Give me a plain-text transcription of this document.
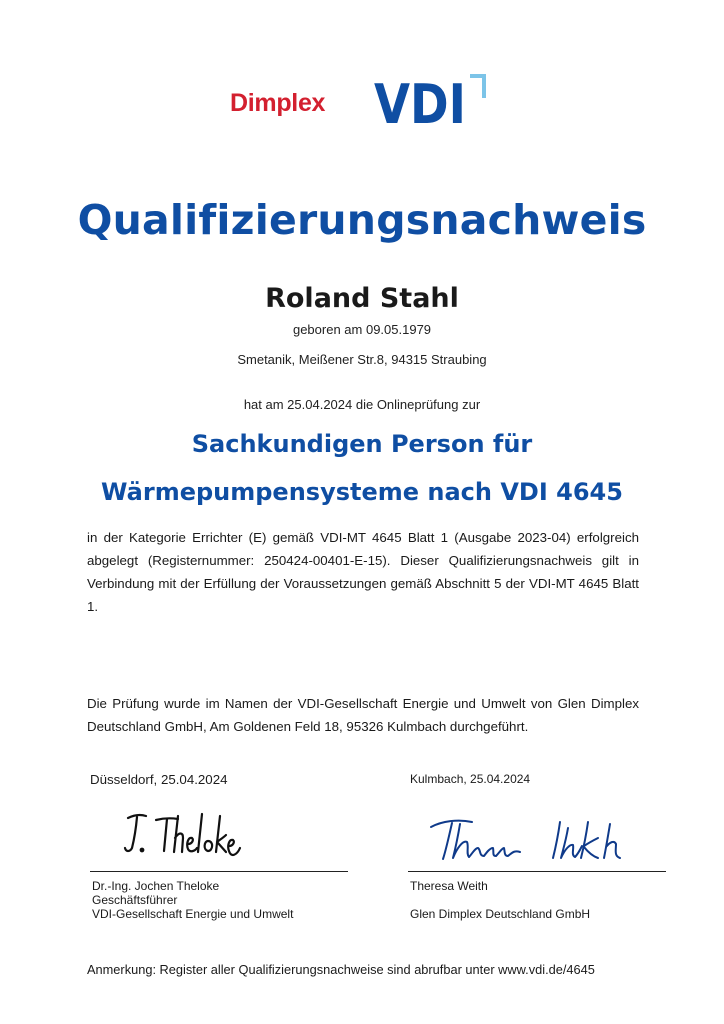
Dimplex VDI
Qualifizierungsnachweis
Roland Stahl
geboren am 09.05.1979
Smetanik, Meißener Str.8, 94315 Straubing
hat am 25.04.2024 die Onlineprüfung zur
Sachkundigen Person für
Wärmepumpensysteme nach VDI 4645
in der Kategorie Errichter (E) gemäß VDI-MT 4645 Blatt 1 (Ausgabe 2023-04) erfolgreich abgelegt (Registernummer: 250424-00401-E-15). Dieser Qualifizierungsnachweis gilt in Verbindung mit der Erfüllung der Voraussetzungen gemäß Abschnitt 5 der VDI-MT 4645 Blatt 1.
Die Prüfung wurde im Namen der VDI-Gesellschaft Energie und Umwelt von Glen Dimplex Deutschland GmbH, Am Goldenen Feld 18, 95326 Kulmbach durchgeführt.
Düsseldorf, 25.04.2024
Dr.-Ing. Jochen Theloke
Geschäftsführer
VDI-Gesellschaft Energie und Umwelt
Kulmbach, 25.04.2024
Theresa Weith
Glen Dimplex Deutschland GmbH
Anmerkung: Register aller Qualifizierungsnachweise sind abrufbar unter www.vdi.de/4645
